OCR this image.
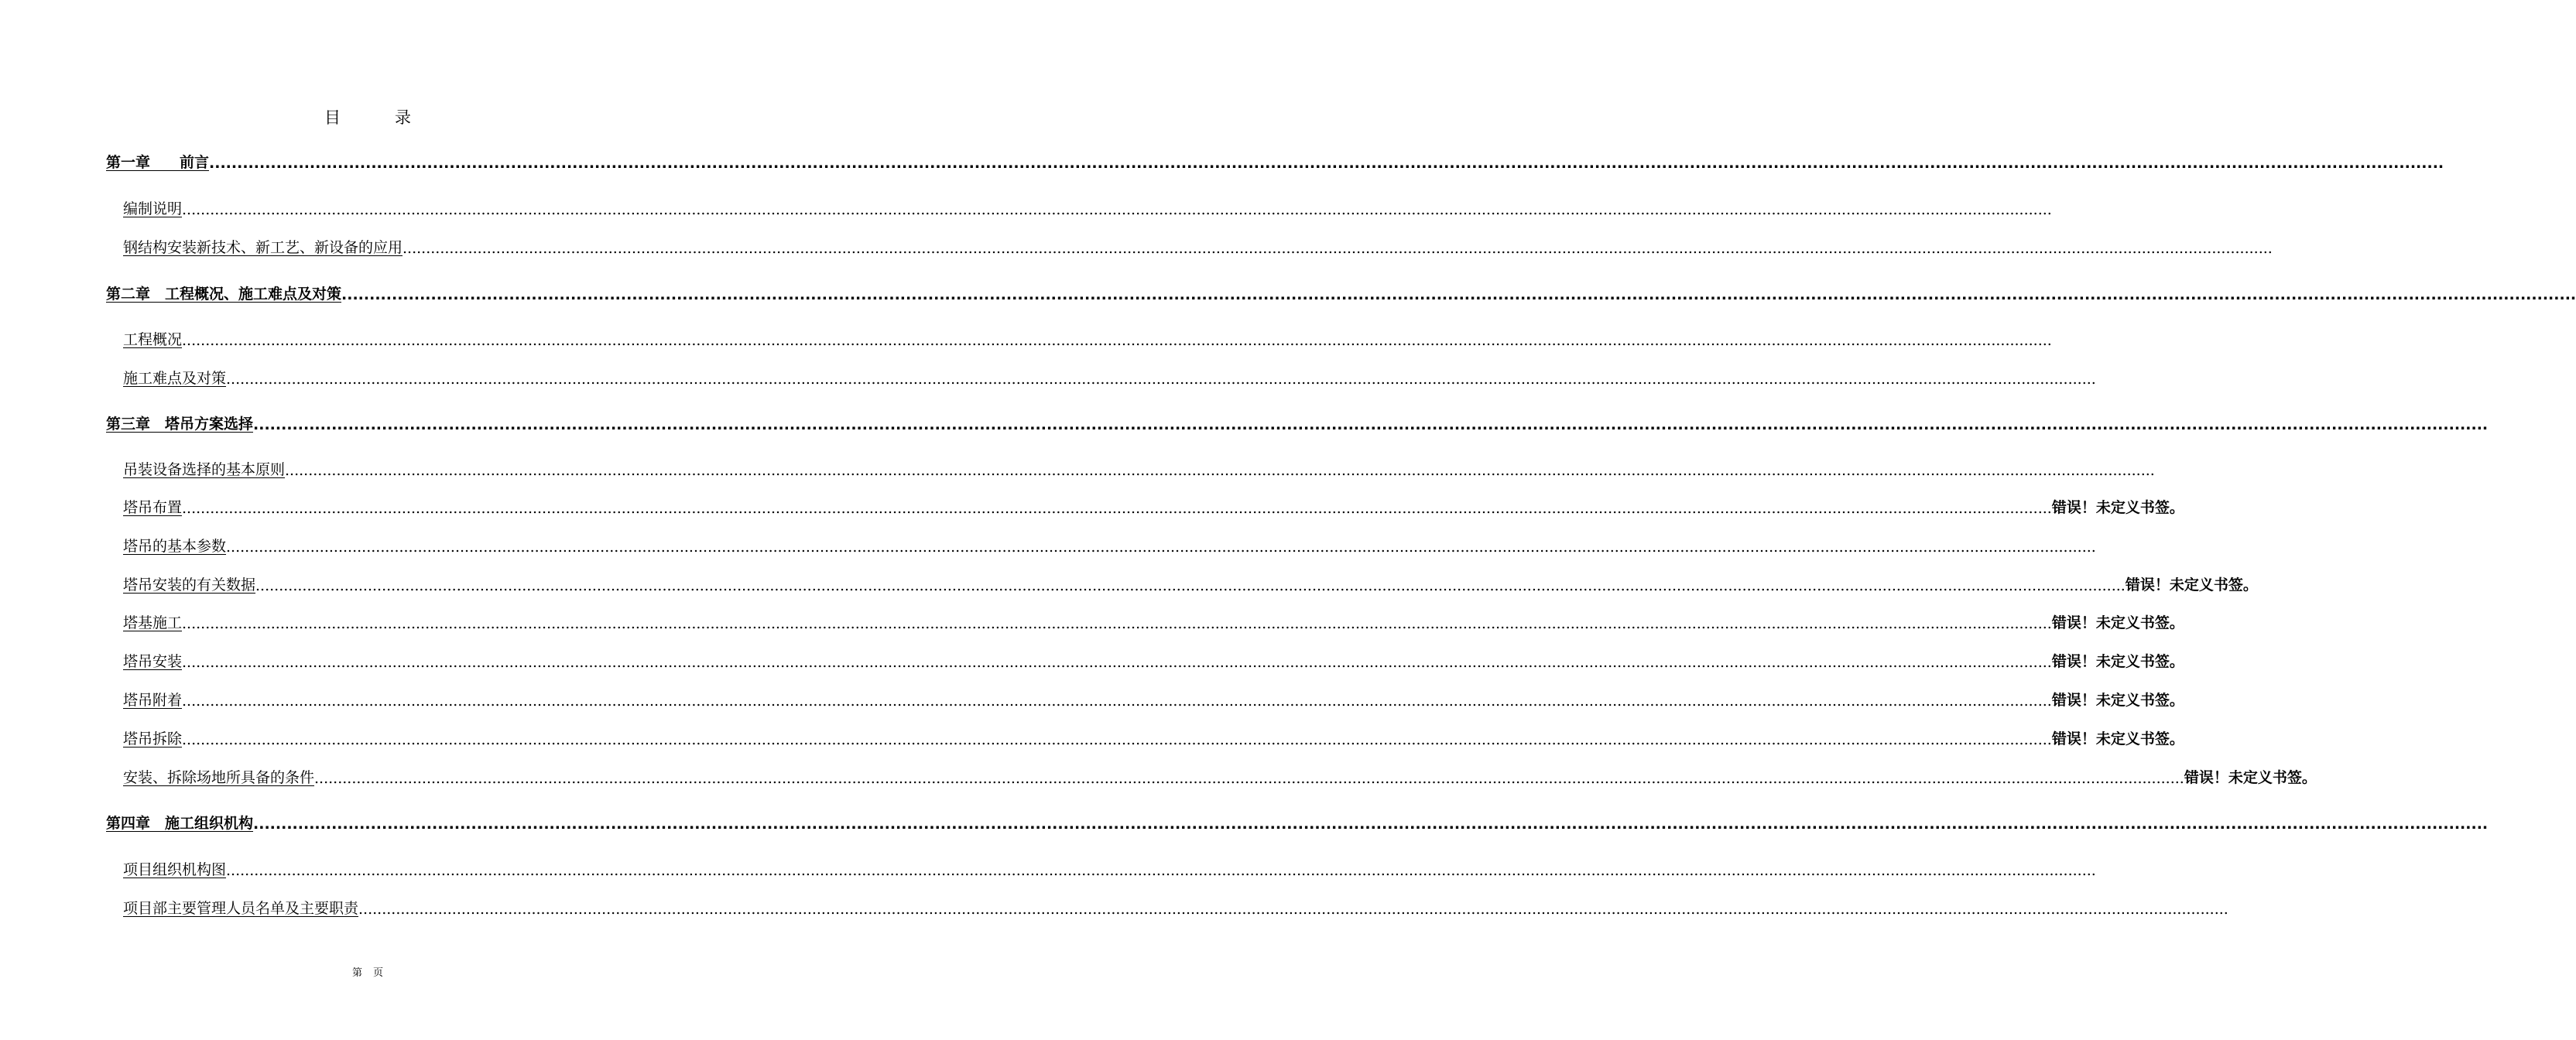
目	录
第一章　　前言 ................................................................................................................................................................................................................................................................................................................................................................................................................
编制说明 ................................................................................................................................................................................................................................................................................................................................................................................................................
钢结构安装新技术、新工艺、新设备的应用 ................................................................................................................................................................................................................................................................................................................................................................................................................
第二章　工程概况、施工难点及对策 ................................................................................................................................................................................................................................................................................................................................................................................................................
工程概况 ................................................................................................................................................................................................................................................................................................................................................................................................................
施工难点及对策 ................................................................................................................................................................................................................................................................................................................................................................................................................
第三章　塔吊方案选择 ................................................................................................................................................................................................................................................................................................................................................................................................................
吊装设备选择的基本原则 ................................................................................................................................................................................................................................................................................................................................................................................................................
塔吊布置 ................................................................................................................................................................................................................................................................................................................................................................................................................ 错误！未定义书签。
塔吊的基本参数 ................................................................................................................................................................................................................................................................................................................................................................................................................
塔吊安装的有关数据 ................................................................................................................................................................................................................................................................................................................................................................................................................ 错误！未定义书签。
塔基施工 ................................................................................................................................................................................................................................................................................................................................................................................................................ 错误！未定义书签。
塔吊安装 ................................................................................................................................................................................................................................................................................................................................................................................................................ 错误！未定义书签。
塔吊附着 ................................................................................................................................................................................................................................................................................................................................................................................................................ 错误！未定义书签。
塔吊拆除 ................................................................................................................................................................................................................................................................................................................................................................................................................ 错误！未定义书签。
安装、拆除场地所具备的条件 ................................................................................................................................................................................................................................................................................................................................................................................................................ 错误！未定义书签。
第四章　施工组织机构 ................................................................................................................................................................................................................................................................................................................................................................................................................
项目组织机构图 ................................................................................................................................................................................................................................................................................................................................................................................................................
项目部主要管理人员名单及主要职责 ................................................................................................................................................................................................................................................................................................................................................................................................................
第 页
